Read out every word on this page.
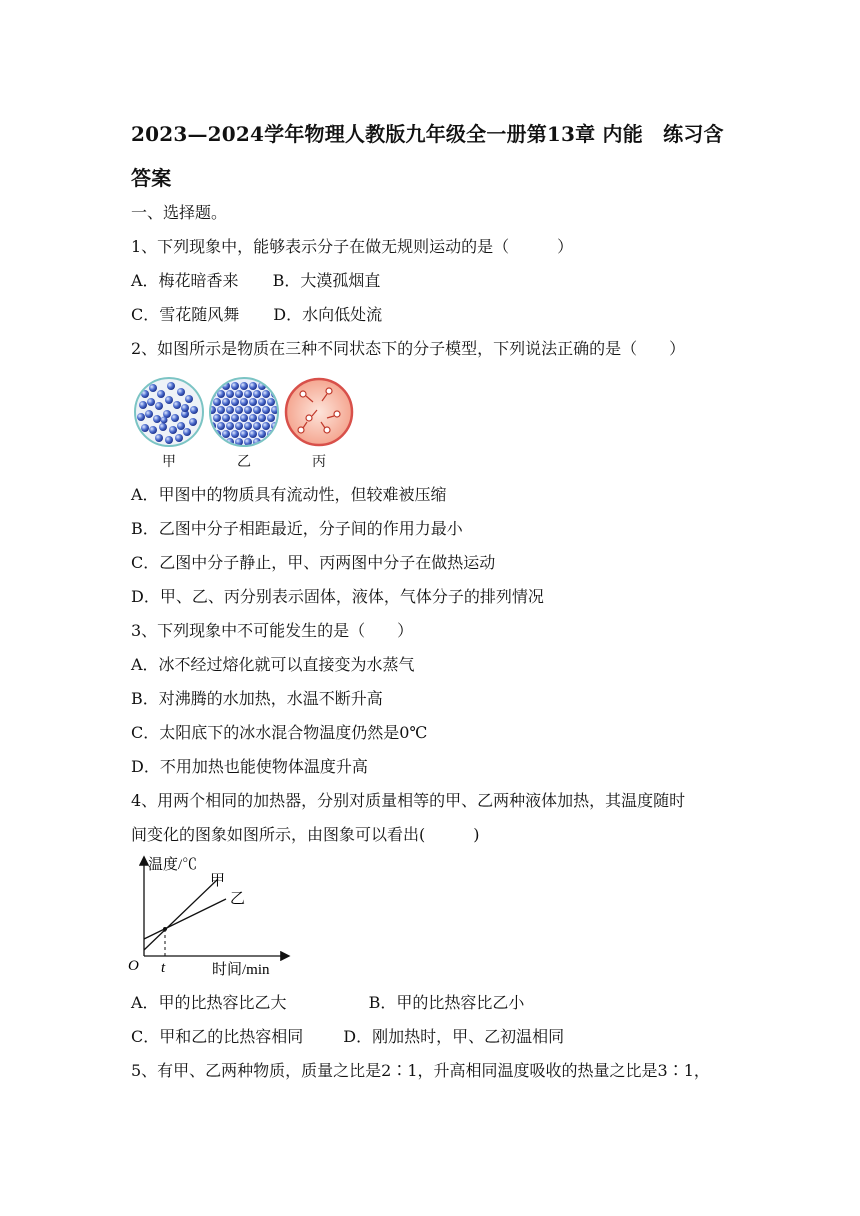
2023—2024学年物理人教版九年级全一册第13章 内能　练习含答案
一、选择题。
1、下列现象中，能够表示分子在做无规则运动的是（　　　）
A．梅花暗香来 B．大漠孤烟直
C．雪花随风舞 D．水向低处流
2、如图所示是物质在三种不同状态下的分子模型，下列说法正确的是（　　）
甲	乙	丙
A．甲图中的物质具有流动性，但较难被压缩
B．乙图中分子相距最近，分子间的作用力最小
C．乙图中分子静止，甲、丙两图中分子在做热运动
D．甲、乙、丙分别表示固体，液体，气体分子的排列情况
3、下列现象中不可能发生的是（　　）
A．冰不经过熔化就可以直接变为水蒸气
B．对沸腾的水加热，水温不断升高
C．太阳底下的冰水混合物温度仍然是0℃
D．不用加热也能使物体温度升高
4、用两个相同的加热器，分别对质量相等的甲、乙两种液体加热，其温度随时
间变化的图象如图所示，由图象可以看出(　　　)
温度/℃
时间/min
O t
甲
乙
A．甲的比热容比乙大	B．甲的比热容比乙小
C．甲和乙的比热容相同	D．刚加热时，甲、乙初温相同
5、有甲、乙两种物质，质量之比是2∶1，升高相同温度吸收的热量之比是3∶1，
